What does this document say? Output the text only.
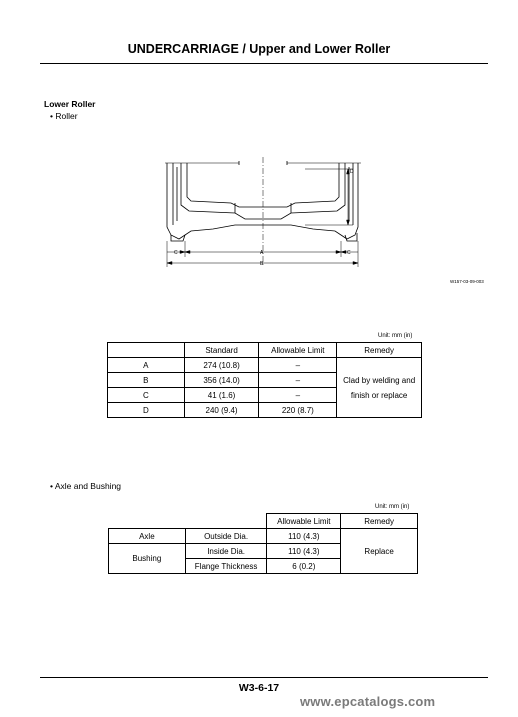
UNDERCARRIAGE / Upper and Lower Roller
Lower Roller
• Roller
D
C	A	C
B
W157-03-09-003
Unit: mm (in)
	Standard	Allowable Limit	Remedy
A	274 (10.8)	–	Clad by welding and
finish or replace
B	356 (14.0)	–	
C	41 (1.6)	–	
D	240 (9.4)	220 (8.7)	
• Axle and Bushing
Unit: mm (in)
		Allowable Limit	Remedy
Axle	Outside Dia.	110 (4.3)	Replace
Bushing	Inside Dia.	110 (4.3)	
	Flange Thickness	6 (0.2)	
W3-6-17
www.epcatalogs.com
